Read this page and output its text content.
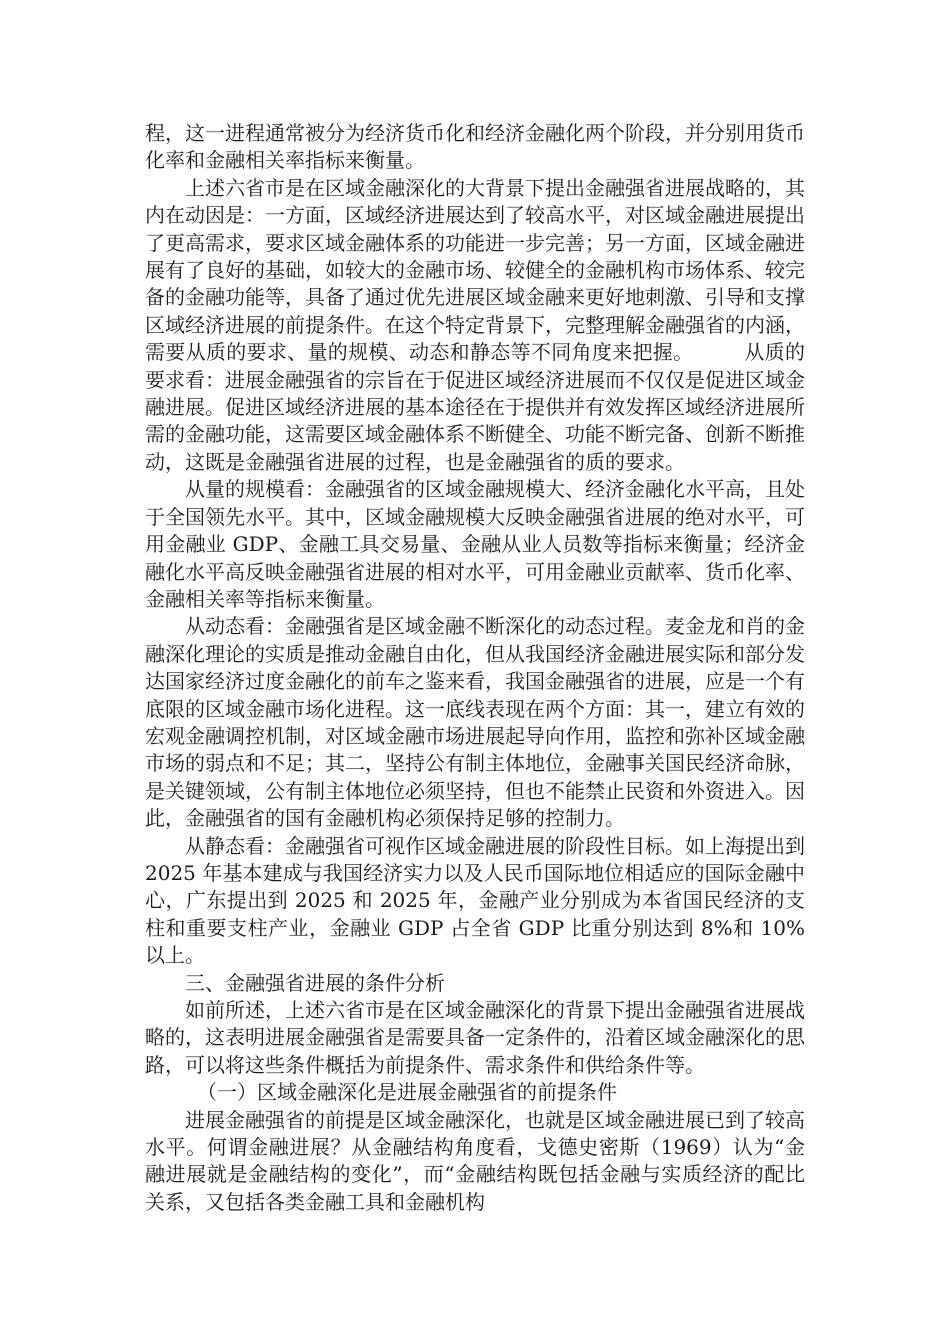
程，这一进程通常被分为经济货币化和经济金融化两个阶段，并分别用货币化率和金融相关率指标来衡量。

上述六省市是在区域金融深化的大背景下提出金融强省进展战略的，其内在动因是：一方面，区域经济进展达到了较高水平，对区域金融进展提出了更高需求，要求区域金融体系的功能进一步完善；另一方面，区域金融进展有了良好的基础，如较大的金融市场、较健全的金融机构市场体系、较完备的金融功能等，具备了通过优先进展区域金融来更好地刺激、引导和支撑区域经济进展的前提条件。在这个特定背景下，完整理解金融强省的内涵，需要从质的要求、量的规模、动态和静态等不同角度来把握。　　　从质的要求看：进展金融强省的宗旨在于促进区域经济进展而不仅仅是促进区域金融进展。促进区域经济进展的基本途径在于提供并有效发挥区域经济进展所需的金融功能，这需要区域金融体系不断健全、功能不断完备、创新不断推动，这既是金融强省进展的过程，也是金融强省的质的要求。

从量的规模看：金融强省的区域金融规模大、经济金融化水平高，且处于全国领先水平。其中，区域金融规模大反映金融强省进展的绝对水平，可用金融业 GDP、金融工具交易量、金融从业人员数等指标来衡量；经济金融化水平高反映金融强省进展的相对水平，可用金融业贡献率、货币化率、金融相关率等指标来衡量。

从动态看：金融强省是区域金融不断深化的动态过程。麦金龙和肖的金融深化理论的实质是推动金融自由化，但从我国经济金融进展实际和部分发达国家经济过度金融化的前车之鉴来看，我国金融强省的进展，应是一个有底限的区域金融市场化进程。这一底线表现在两个方面：其一，建立有效的宏观金融调控机制，对区域金融市场进展起导向作用，监控和弥补区域金融市场的弱点和不足；其二，坚持公有制主体地位，金融事关国民经济命脉，是关键领域，公有制主体地位必须坚持，但也不能禁止民资和外资进入。因此，金融强省的国有金融机构必须保持足够的控制力。

从静态看：金融强省可视作区域金融进展的阶段性目标。如上海提出到 2025 年基本建成与我国经济实力以及人民币国际地位相适应的国际金融中心，广东提出到 2025 和 2025 年，金融产业分别成为本省国民经济的支柱和重要支柱产业，金融业 GDP 占全省 GDP 比重分别达到 8%和 10%以上。

三、金融强省进展的条件分析

如前所述，上述六省市是在区域金融深化的背景下提出金融强省进展战略的，这表明进展金融强省是需要具备一定条件的，沿着区域金融深化的思路，可以将这些条件概括为前提条件、需求条件和供给条件等。

（一）区域金融深化是进展金融强省的前提条件

进展金融强省的前提是区域金融深化，也就是区域金融进展已到了较高水平。何谓金融进展？从金融结构角度看，戈德史密斯（1969）认为“金融进展就是金融结构的变化”，而“金融结构既包括金融与实质经济的配比关系，又包括各类金融工具和金融机构
